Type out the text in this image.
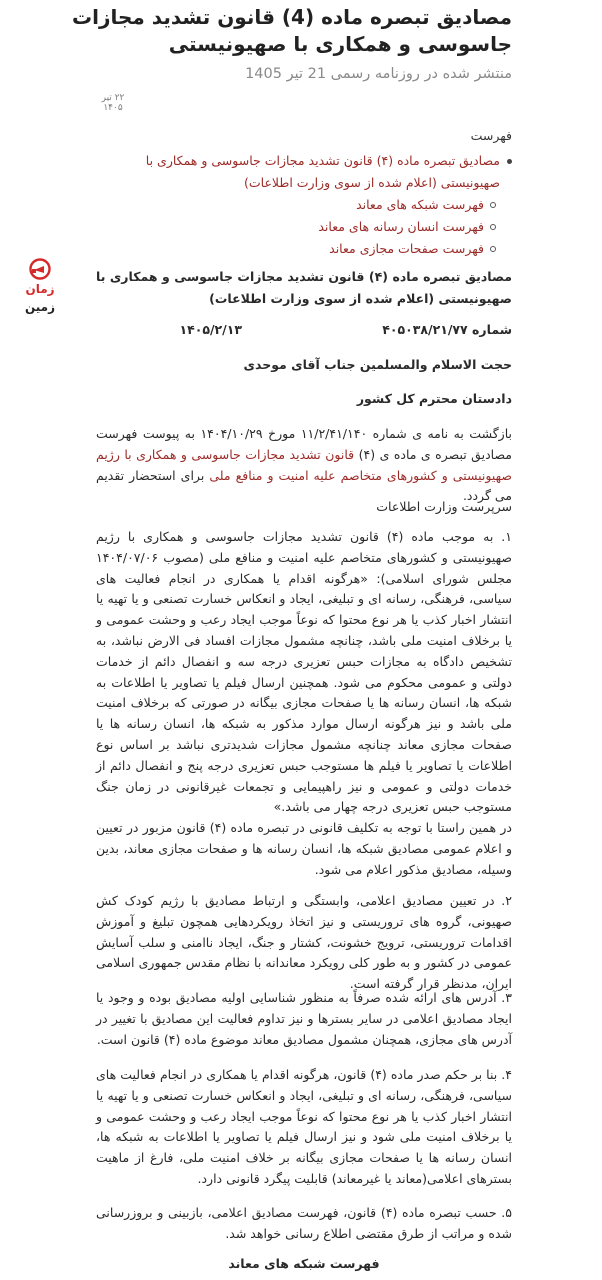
مصادیق تبصره ماده (4) قانون تشدید مجازات جاسوسی و همکاری با صهیونیستی
منتشر شده در روزنامه رسمی 21 تیر 1405
۲۲ تیر ۱۴۰۵
فهرست
مصادیق تبصره ماده (۴) قانون تشدید مجازات جاسوسی و همکاری با صهیونیستی (اعلام شده از سوی وزارت اطلاعات)
فهرست شبکه های معاند
فهرست انسان رسانه های معاند
فهرست صفحات مجازی معاند
مصادیق تبصره ماده (۴) قانون تشدید مجازات جاسوسی و همکاری با صهیونیستی (اعلام شده از سوی وزارت اطلاعات)
شماره ۴۰۵۰۳۸/۲۱/۷۷
۱۴۰۵/۲/۱۳
زمان
زمین
حجت الاسلام والمسلمین جناب آقای موحدی
دادستان محترم کل کشور
بازگشت به نامه ی شماره ۱۱/۲/۴۱/۱۴۰ مورخ ۱۴۰۴/۱۰/۲۹ به پیوست فهرست مصادیق تبصره ی ماده ی (۴) قانون تشدید مجازات جاسوسی و همکاری با رژیم صهیونیستی و کشورهای متخاصم علیه امنیت و منافع ملی برای استحضار تقدیم می گردد.
سرپرست وزارت اطلاعات
۱. به موجب ماده (۴) قانون تشدید مجازات جاسوسی و همکاری با رژیم صهیونیستی و کشورهای متخاصم علیه امنیت و منافع ملی (مصوب ۱۴۰۴/۰۷/۰۶ مجلس شورای اسلامی): «هرگونه اقدام یا همکاری در انجام فعالیت های سیاسی، فرهنگی، رسانه ای و تبلیغی، ایجاد و انعکاس خسارت تصنعی و یا تهیه یا انتشار اخبار کذب یا هر نوع محتوا که نوعاً موجب ایجاد رعب و وحشت عمومی و یا برخلاف امنیت ملی باشد، چنانچه مشمول مجازات افساد فی الارض نباشد، به تشخیص دادگاه به مجازات حبس تعزیری درجه سه و انفصال دائم از خدمات دولتی و عمومی محکوم می شود. همچنین ارسال فیلم یا تصاویر یا اطلاعات به شبکه ها، انسان رسانه ها یا صفحات مجازی بیگانه در صورتی که برخلاف امنیت ملی باشد و نیز هرگونه ارسال موارد مذکور به شبکه ها، انسان رسانه ها یا صفحات مجازی معاند چنانچه مشمول مجازات شدیدتری نباشد بر اساس نوع اطلاعات یا تصاویر یا فیلم ها مستوجب حبس تعزیری درجه پنج و انفصال دائم از خدمات دولتی و عمومی و نیز راهپیمایی و تجمعات غیرقانونی در زمان جنگ مستوجب حبس تعزیری درجه چهار می باشد.»
در همین راستا با توجه به تکلیف قانونی در تبصره ماده (۴) قانون مزبور در تعیین و اعلام عمومی مصادیق شبکه ها، انسان رسانه ها و صفحات مجازی معاند، بدین وسیله، مصادیق مذکور اعلام می شود.
۲. در تعیین مصادیق اعلامی، وابستگی و ارتباط مصادیق با رژیم کودک کش صهیونی، گروه های تروریستی و نیز اتخاذ رویکردهایی همچون تبلیغ و آموزش اقدامات تروریستی، ترویج خشونت، کشتار و جنگ، ایجاد ناامنی و سلب آسایش عمومی در کشور و به طور کلی رویکرد معاندانه با نظام مقدس جمهوری اسلامی ایران، مدنظر قرار گرفته است.
۳. آدرس های ارائه شده صرفاً به منظور شناسایی اولیه مصادیق بوده و وجود یا ایجاد مصادیق اعلامی در سایر بسترها و نیز تداوم فعالیت این مصادیق با تغییر در آدرس های مجازی، همچنان مشمول مصادیق معاند موضوع ماده (۴) قانون است.
۴. بنا بر حکم صدر ماده (۴) قانون، هرگونه اقدام یا همکاری در انجام فعالیت های سیاسی، فرهنگی، رسانه ای و تبلیغی، ایجاد و انعکاس خسارت تصنعی و یا تهیه یا انتشار اخبار کذب یا هر نوع محتوا که نوعاً موجب ایجاد رعب و وحشت عمومی و یا برخلاف امنیت ملی شود و نیز ارسال فیلم یا تصاویر یا اطلاعات به شبکه ها، انسان رسانه ها یا صفحات مجازی بیگانه بر خلاف امنیت ملی، فارغ از ماهیت بسترهای اعلامی(معاند یا غیرمعاند) قابلیت پیگرد قانونی دارد.
۵. حسب تبصره ماده (۴) قانون، فهرست مصادیق اعلامی، بازبینی و بروزرسانی شده و مراتب از طرق مقتضی اطلاع رسانی خواهد شد.
فهرست شبکه های معاند
